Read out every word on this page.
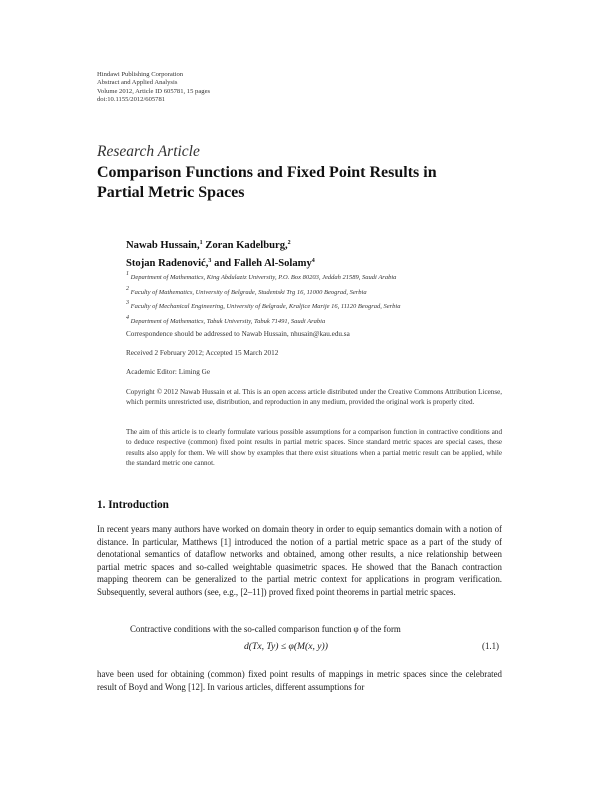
Hindawi Publishing Corporation
Abstract and Applied Analysis
Volume 2012, Article ID 605781, 15 pages
doi:10.1155/2012/605781
Research Article
Comparison Functions and Fixed Point Results in
Partial Metric Spaces
Nawab Hussain,$^1$ Zoran Kadelburg,$^2$
Stojan Radenović,$^3$ and Falleh Al-Solamy$^4$
$^1$ Department of Mathematics, King Abdulaziz University, P.O. Box 80203, Jeddah 21589, Saudi Arabia
$^2$ Faculty of Mathematics, University of Belgrade, Studentski Trg 16, 11000 Beograd, Serbia
$^3$ Faculty of Mechanical Engineering, University of Belgrade, Kraljice Marije 16, 11120 Beograd, Serbia
$^4$ Department of Mathematics, Tabuk University, Tabuk 71491, Saudi Arabia
Correspondence should be addressed to Nawab Hussain, nhusain@kau.edu.sa
Received 2 February 2012; Accepted 15 March 2012
Academic Editor: Liming Ge
Copyright © 2012 Nawab Hussain et al. This is an open access article distributed under the Creative Commons Attribution License, which permits unrestricted use, distribution, and reproduction in any medium, provided the original work is properly cited.
The aim of this article is to clearly formulate various possible assumptions for a comparison function in contractive conditions and to deduce respective (common) fixed point results in partial metric spaces. Since standard metric spaces are special cases, these results also apply for them. We will show by examples that there exist situations when a partial metric result can be applied, while the standard metric one cannot.
1. Introduction
In recent years many authors have worked on domain theory in order to equip semantics domain with a notion of distance. In particular, Matthews [1] introduced the notion of a partial metric space as a part of the study of denotational semantics of dataflow networks and obtained, among other results, a nice relationship between partial metric spaces and so-called weightable quasimetric spaces. He showed that the Banach contraction mapping theorem can be generalized to the partial metric context for applications in program verification. Subsequently, several authors (see, e.g., [2–11]) proved fixed point theorems in partial metric spaces.
Contractive conditions with the so-called comparison function φ of the form
d(Tx, Ty) ≤ φ(M(x, y))	(1.1)
have been used for obtaining (common) fixed point results of mappings in metric spaces since the celebrated result of Boyd and Wong [12]. In various articles, different assumptions for
